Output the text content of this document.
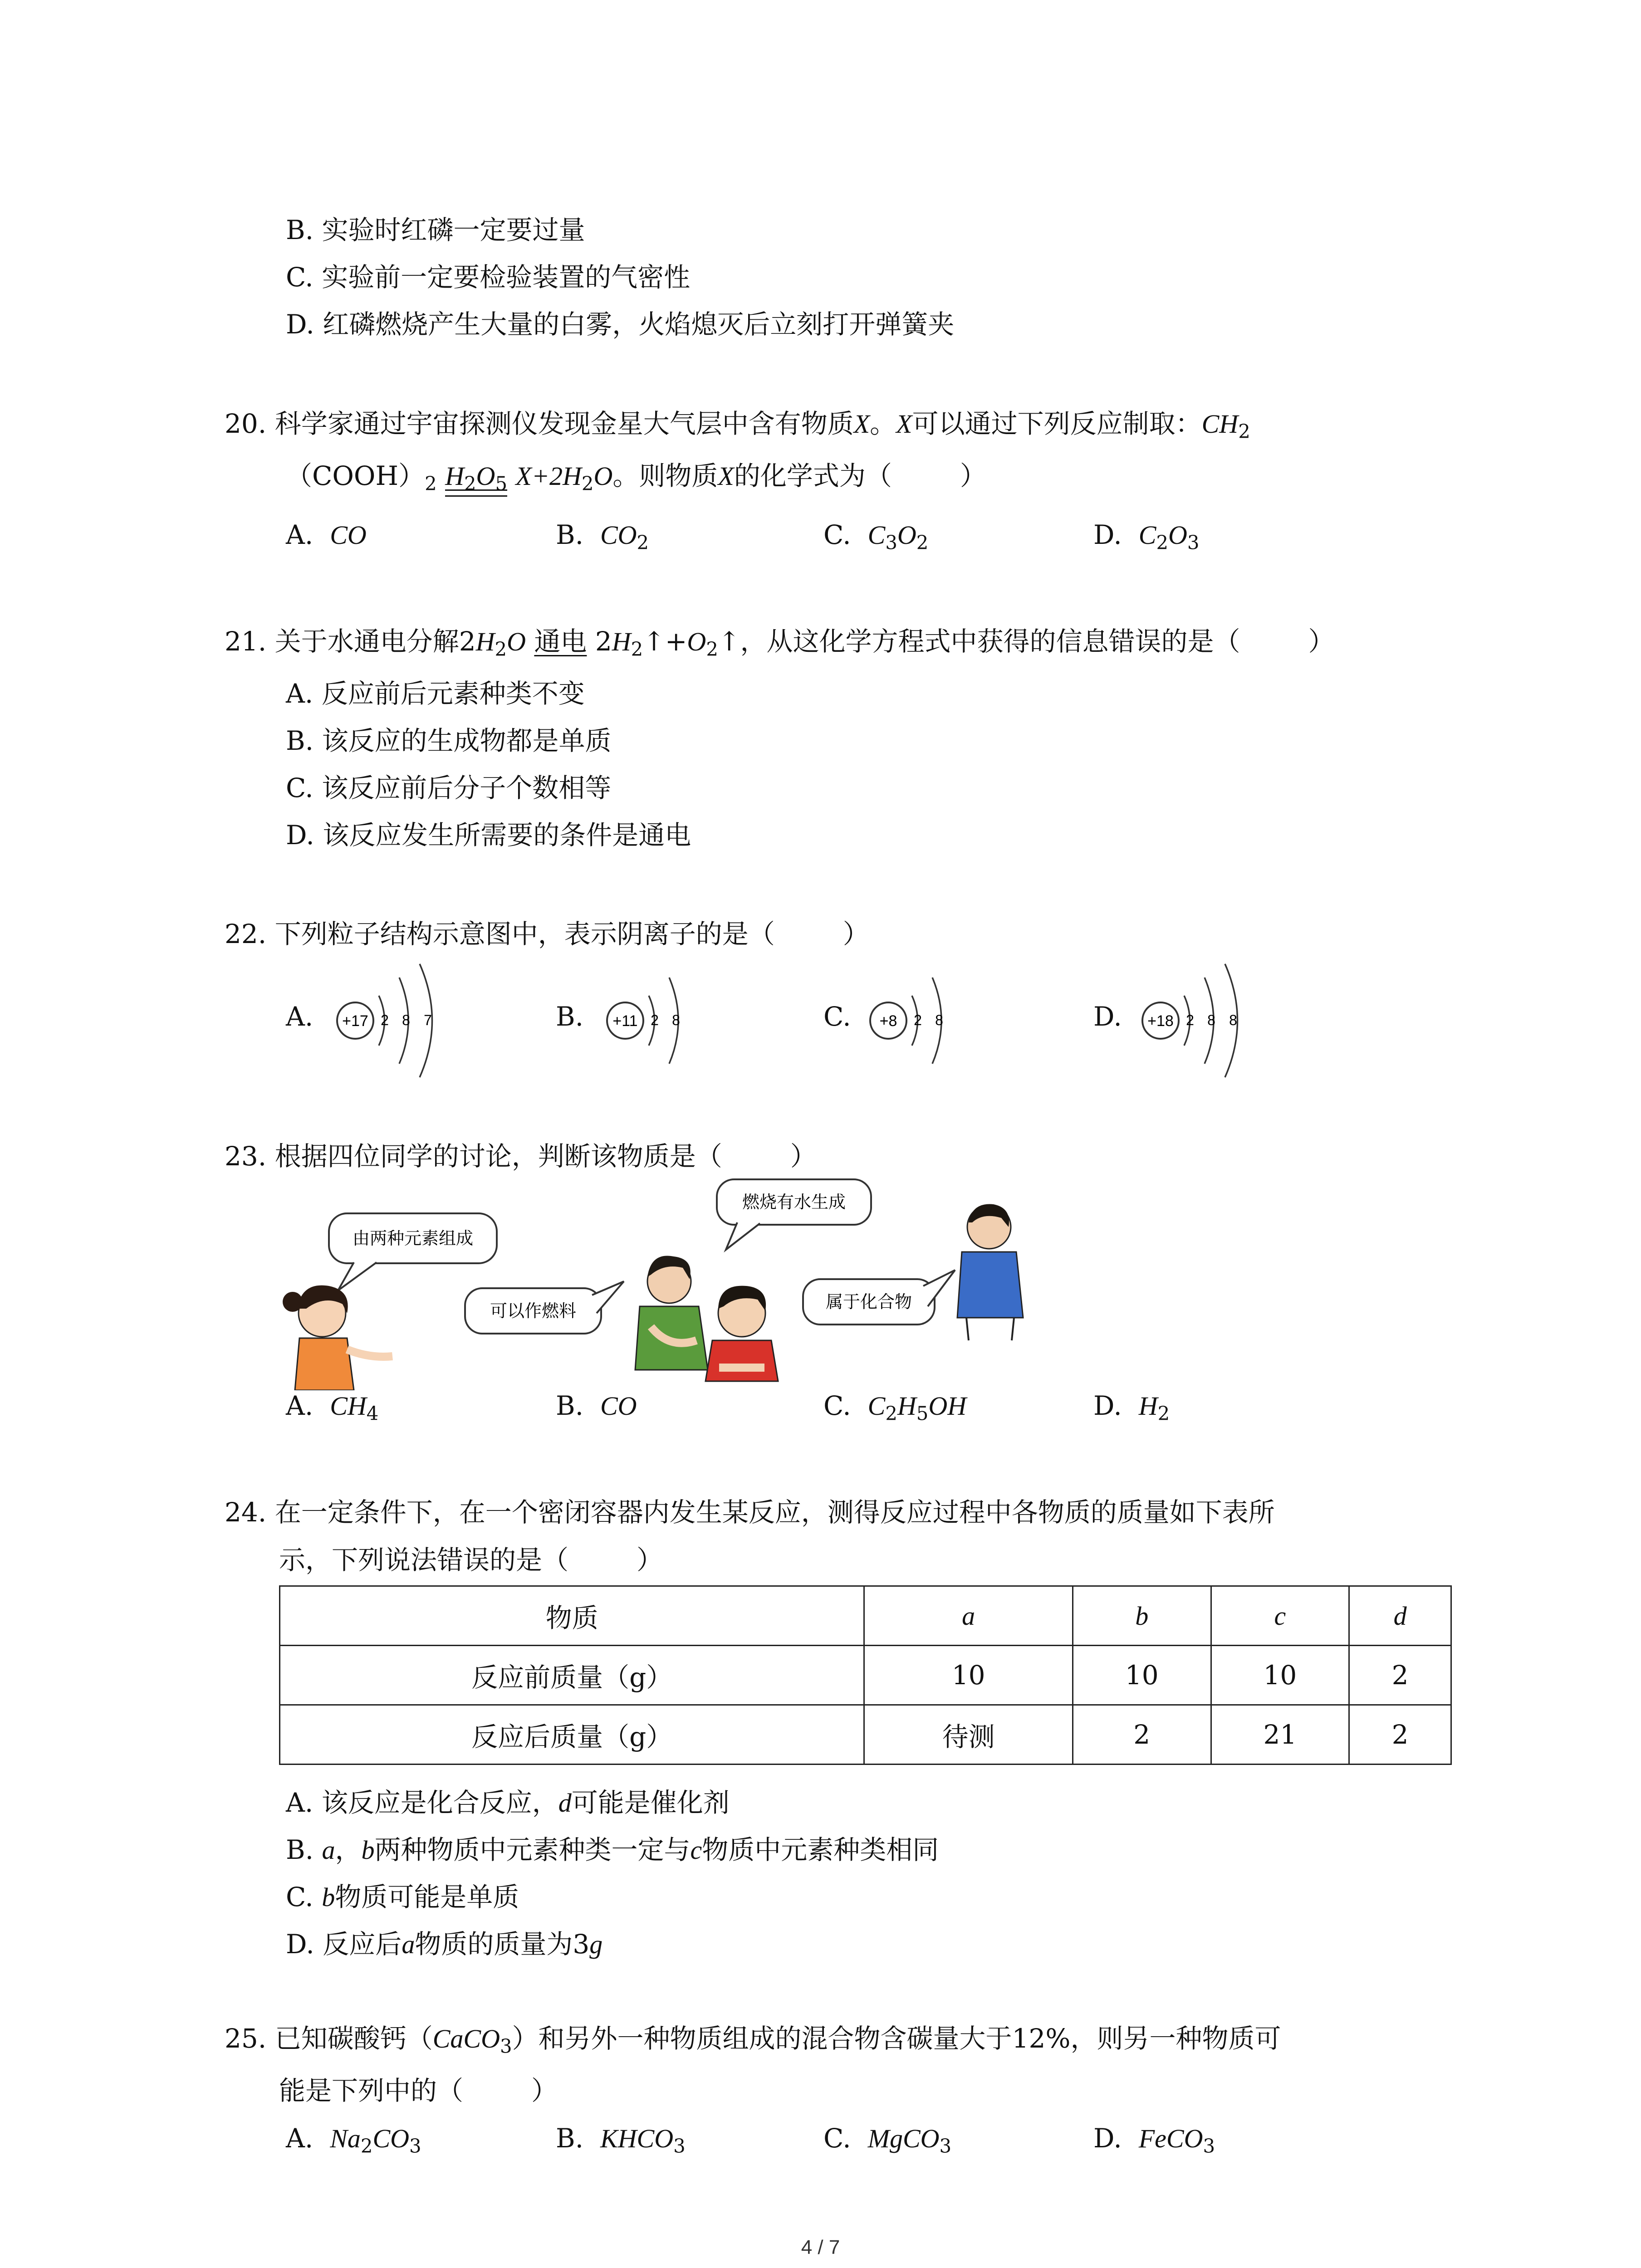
B. 实验时红磷一定要过量
C. 实验前一定要检验装置的气密性
D. 红磷燃烧产生大量的白雾，火焰熄灭后立刻打开弹簧夹
20. 科学家通过宇宙探测仪发现金星大气层中含有物质X。X可以通过下列反应制取：$CH_2$
$(COOH)_2$ $H_2O_5$ $X+2H_2O$。则物质X的化学式为（	）
A. CO	B. $CO_2$	C. $C_3O_2$	D. $C_2O_3$
21. 关于水通电分解$2H_2O$ 通电 $2H_2↑+O_2↑$，从这化学方程式中获得的信息错误的是（	）
A. 反应前后元素种类不变
B. 该反应的生成物都是单质
C. 该反应前后分子个数相等
D. 该反应发生所需要的条件是通电
22. 下列粒子结构示意图中，表示阴离子的是（	）
A. +17 2 8 7	B. +11 2 8	C. +8 2 8	D. +18 2 8 8
23. 根据四位同学的讨论，判断该物质是（	）
由两种元素组成
可以作燃料
燃烧有水生成
属于化合物
A. $CH_4$	B. CO	C. $C_2H_5OH$	D. $H_2$
24. 在一定条件下，在一个密闭容器内发生某反应，测得反应过程中各物质的质量如下表所
示，下列说法错误的是（	）
物质	a	b	c	d
反应前质量（g）	10	10	10	2
反应后质量（g）	待测	2	21	2
A. 该反应是化合反应，d可能是催化剂
B. a，b两种物质中元素种类一定与c物质中元素种类相同
C. b物质可能是单质
D. 反应后a物质的质量为3g
25. 已知碳酸钙（CaCO$_3$）和另外一种物质组成的混合物含碳量大于12%，则另一种物质可
能是下列中的（	）
A. $Na_2CO_3$	B. $KHCO_3$	C. MgCO$_3$	D. FeCO$_3$
4 / 7
